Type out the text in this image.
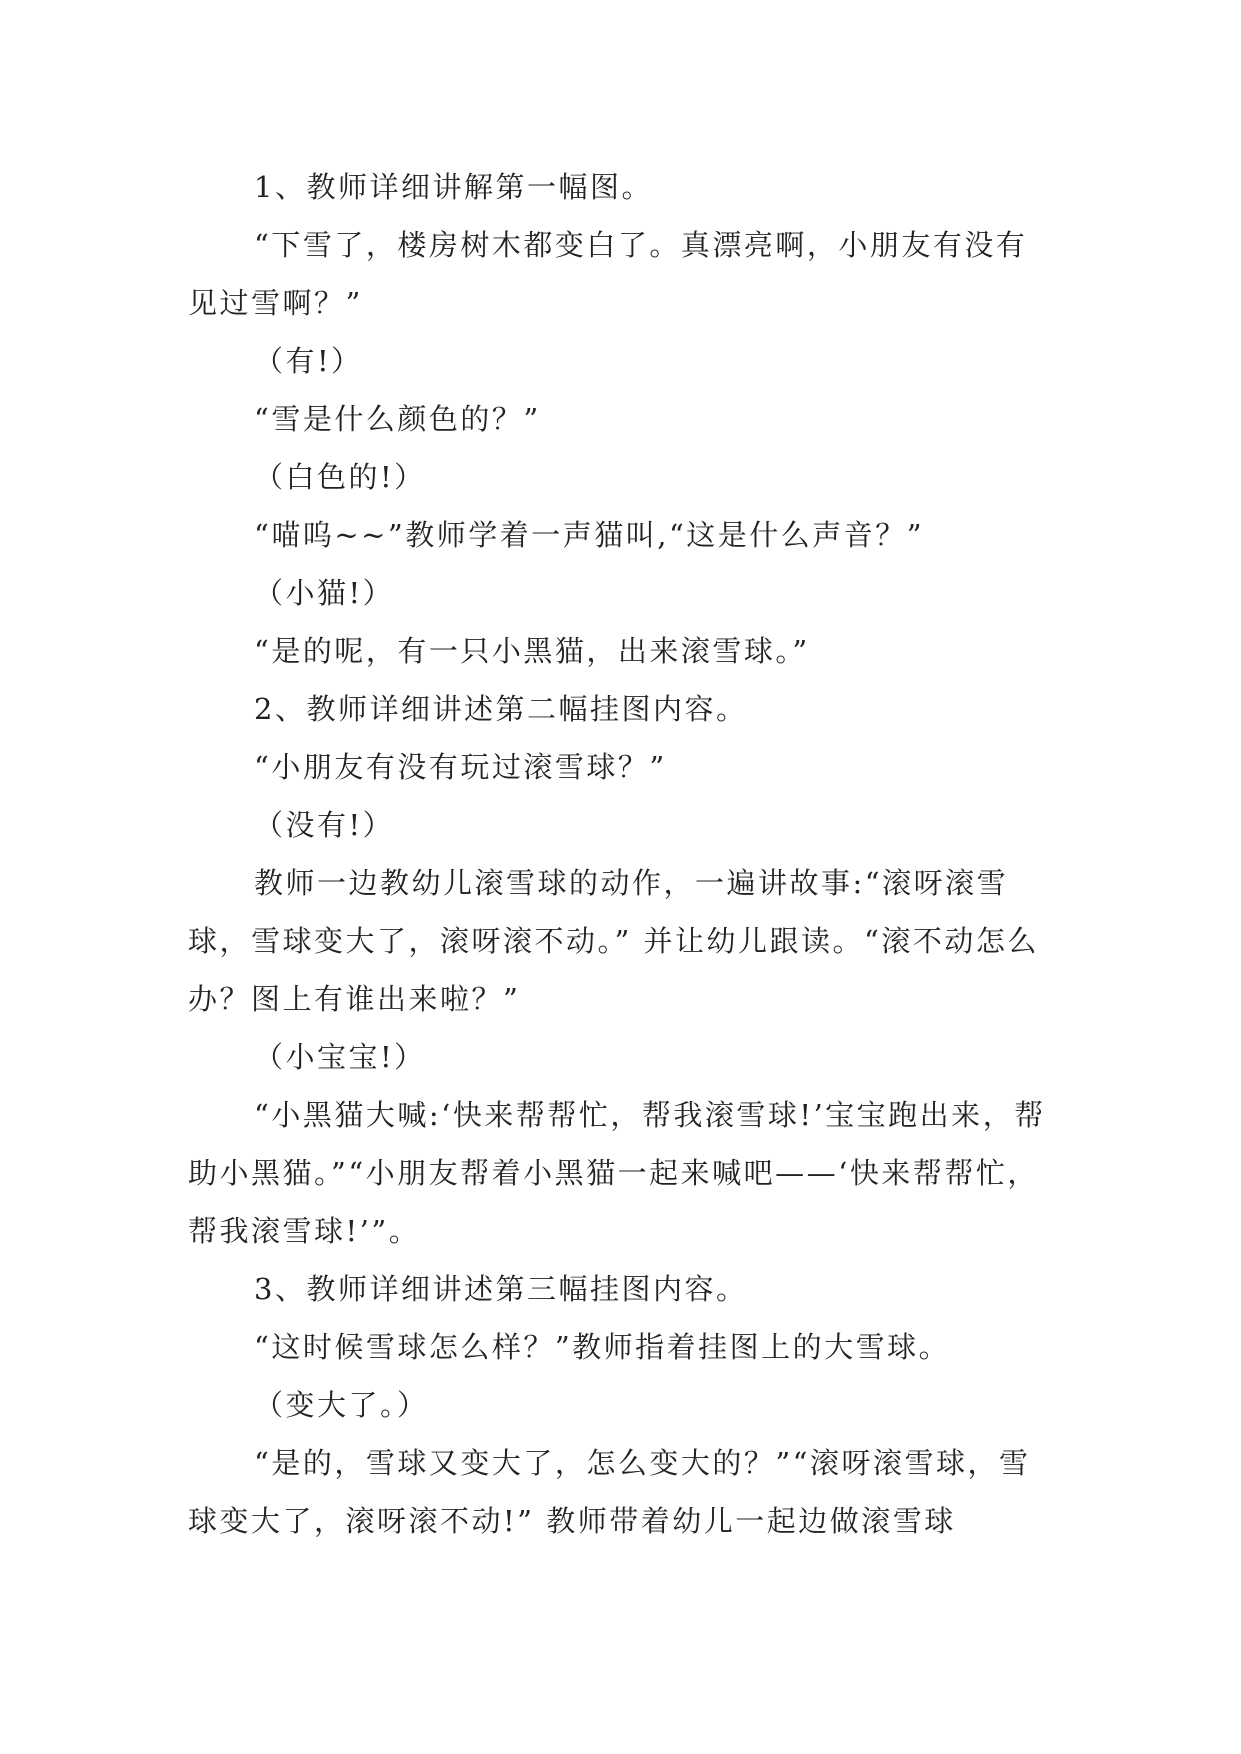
1、教师详细讲解第一幅图。

“下雪了，楼房树木都变白了。真漂亮啊，小朋友有没有见过雪啊？”

（有!）

“雪是什么颜色的？”

（白色的!）

“喵呜~~”教师学着一声猫叫,“这是什么声音？”

（小猫!）

“是的呢，有一只小黑猫，出来滚雪球。”

2、教师详细讲述第二幅挂图内容。

“小朋友有没有玩过滚雪球？”

（没有!）

教师一边教幼儿滚雪球的动作，一遍讲故事:“滚呀滚雪球，雪球变大了，滚呀滚不动。” 并让幼儿跟读。“滚不动怎么办？图上有谁出来啦？”

（小宝宝!）

“小黑猫大喊:‘快来帮帮忙，帮我滚雪球!’宝宝跑出来，帮助小黑猫。”“小朋友帮着小黑猫一起来喊吧——‘快来帮帮忙，帮我滚雪球!’”。

3、教师详细讲述第三幅挂图内容。

“这时候雪球怎么样？”教师指着挂图上的大雪球。

（变大了。）

“是的，雪球又变大了，怎么变大的？”“滚呀滚雪球，雪球变大了，滚呀滚不动!” 教师带着幼儿一起边做滚雪球
